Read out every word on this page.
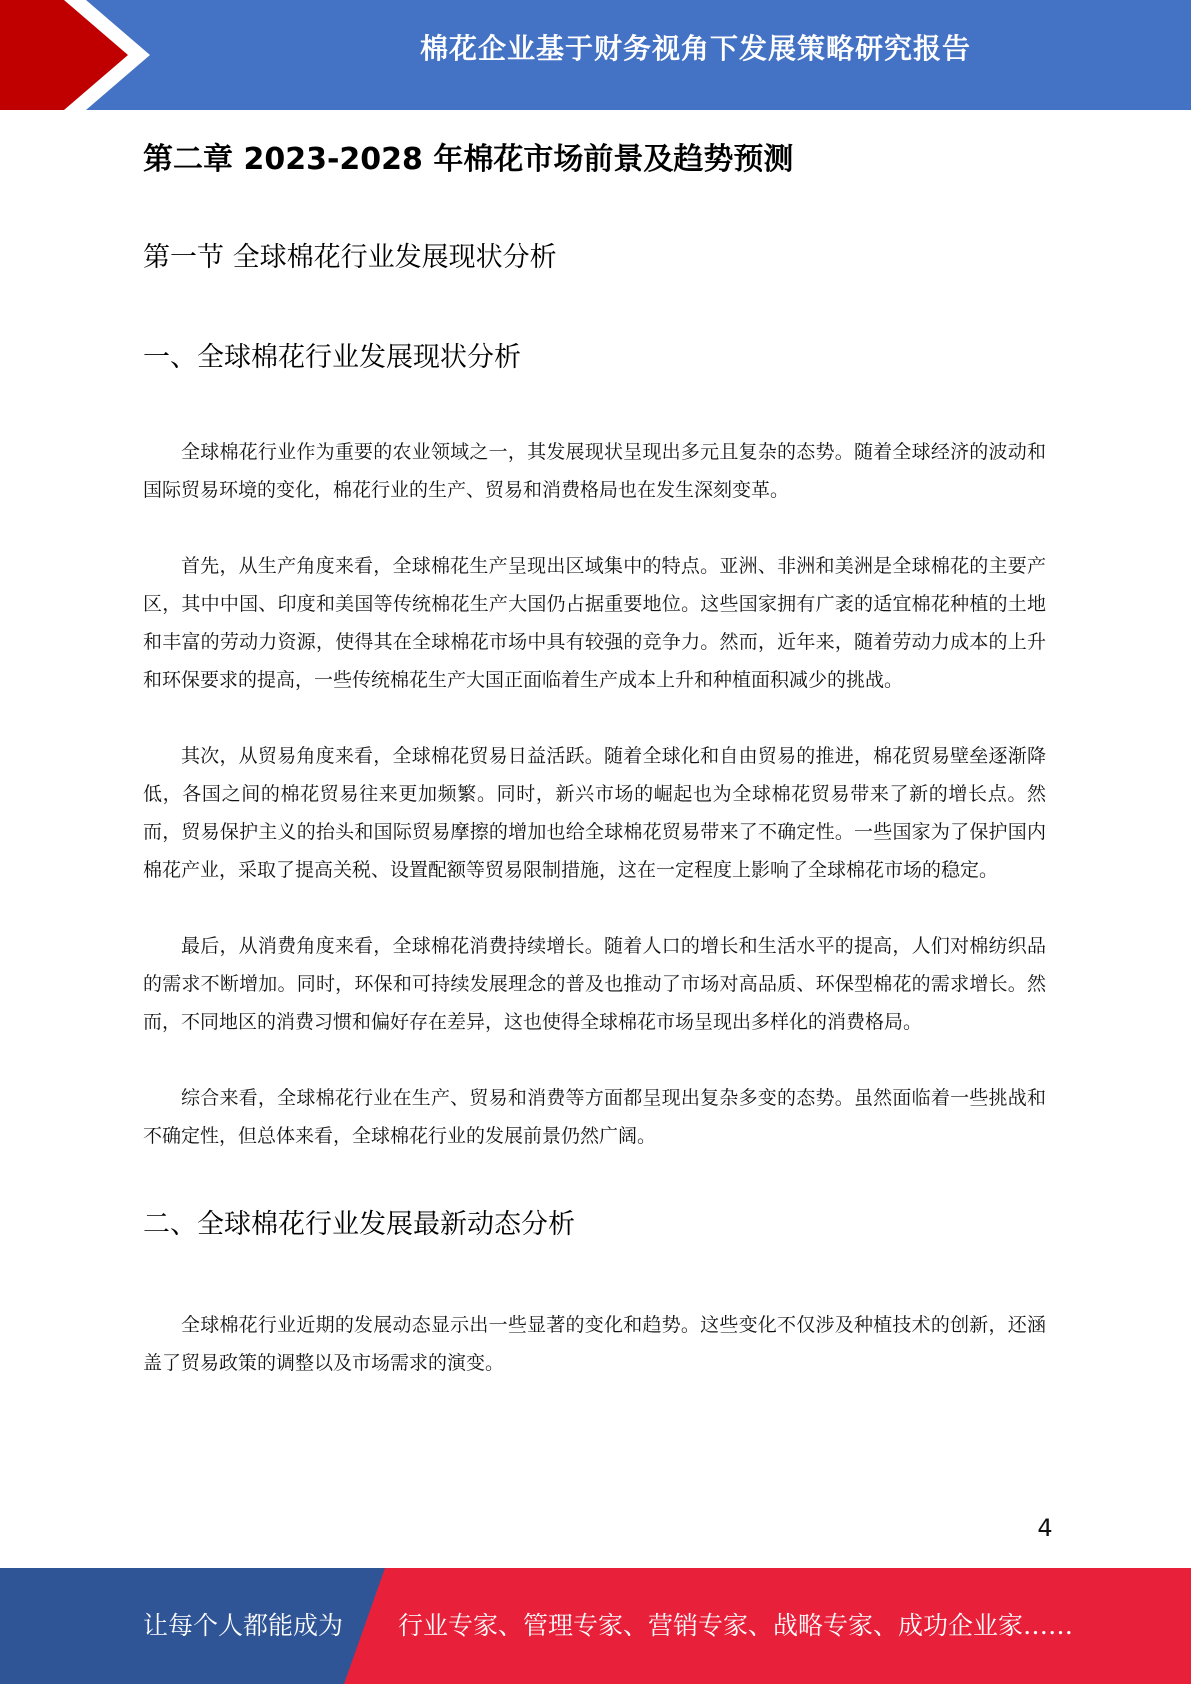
棉花企业基于财务视角下发展策略研究报告
第二章 2023-2028 年棉花市场前景及趋势预测
第一节 全球棉花行业发展现状分析
一、全球棉花行业发展现状分析

全球棉花行业作为重要的农业领域之一，其发展现状呈现出多元且复杂的态势。随着全球经济的波动和国际贸易环境的变化，棉花行业的生产、贸易和消费格局也在发生深刻变革。

首先，从生产角度来看，全球棉花生产呈现出区域集中的特点。亚洲、非洲和美洲是全球棉花的主要产区，其中中国、印度和美国等传统棉花生产大国仍占据重要地位。这些国家拥有广袤的适宜棉花种植的土地和丰富的劳动力资源，使得其在全球棉花市场中具有较强的竞争力。然而，近年来，随着劳动力成本的上升和环保要求的提高，一些传统棉花生产大国正面临着生产成本上升和种植面积减少的挑战。

其次，从贸易角度来看，全球棉花贸易日益活跃。随着全球化和自由贸易的推进，棉花贸易壁垒逐渐降低，各国之间的棉花贸易往来更加频繁。同时，新兴市场的崛起也为全球棉花贸易带来了新的增长点。然而，贸易保护主义的抬头和国际贸易摩擦的增加也给全球棉花贸易带来了不确定性。一些国家为了保护国内棉花产业，采取了提高关税、设置配额等贸易限制措施，这在一定程度上影响了全球棉花市场的稳定。

最后，从消费角度来看，全球棉花消费持续增长。随着人口的增长和生活水平的提高，人们对棉纺织品的需求不断增加。同时，环保和可持续发展理念的普及也推动了市场对高品质、环保型棉花的需求增长。然而，不同地区的消费习惯和偏好存在差异，这也使得全球棉花市场呈现出多样化的消费格局。

综合来看，全球棉花行业在生产、贸易和消费等方面都呈现出复杂多变的态势。虽然面临着一些挑战和不确定性，但总体来看，全球棉花行业的发展前景仍然广阔。

二、全球棉花行业发展最新动态分析

全球棉花行业近期的发展动态显示出一些显著的变化和趋势。这些变化不仅涉及种植技术的创新，还涵盖了贸易政策的调整以及市场需求的演变。

4
让每个人都能成为 行业专家、管理专家、营销专家、战略专家、成功企业家……
